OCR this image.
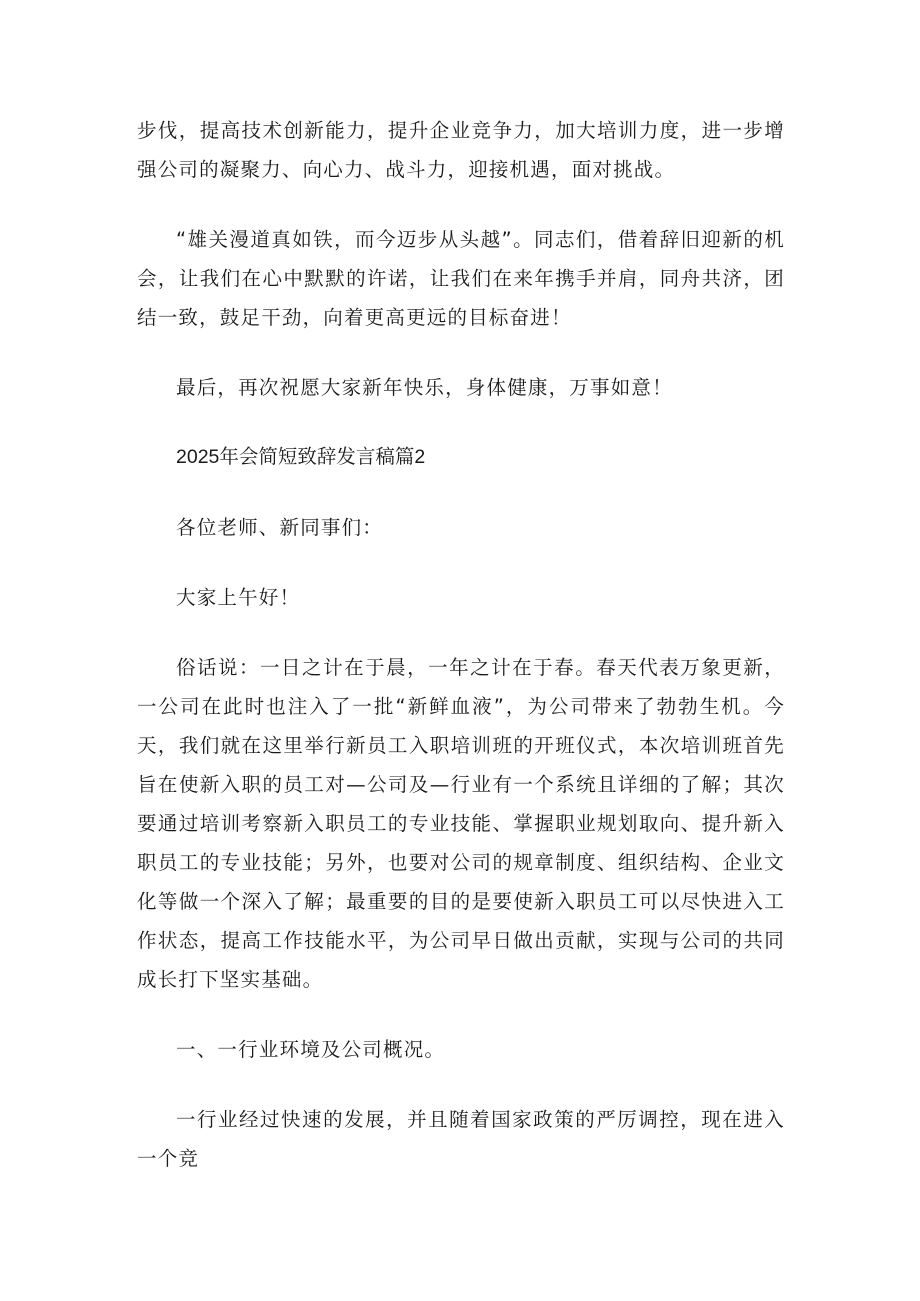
步伐，提高技术创新能力，提升企业竞争力，加大培训力度，进一步增强公司的凝聚力、向心力、战斗力，迎接机遇，面对挑战。

“雄关漫道真如铁，而今迈步从头越”。同志们，借着辞旧迎新的机会，让我们在心中默默的许诺，让我们在来年携手并肩，同舟共济，团结一致，鼓足干劲，向着更高更远的目标奋进！

最后，再次祝愿大家新年快乐，身体健康，万事如意！

2025年会简短致辞发言稿篇2

各位老师、新同事们：

大家上午好！

俗话说：一日之计在于晨，一年之计在于春。春天代表万象更新，一公司在此时也注入了一批“新鲜血液”，为公司带来了勃勃生机。今天，我们就在这里举行新员工入职培训班的开班仪式，本次培训班首先旨在使新入职的员工对—公司及—行业有一个系统且详细的了解；其次要通过培训考察新入职员工的专业技能、掌握职业规划取向、提升新入职员工的专业技能；另外，也要对公司的规章制度、组织结构、企业文化等做一个深入了解；最重要的目的是要使新入职员工可以尽快进入工作状态，提高工作技能水平，为公司早日做出贡献，实现与公司的共同成长打下坚实基础。

一、一行业环境及公司概况。

一行业经过快速的发展，并且随着国家政策的严厉调控，现在进入一个竞
